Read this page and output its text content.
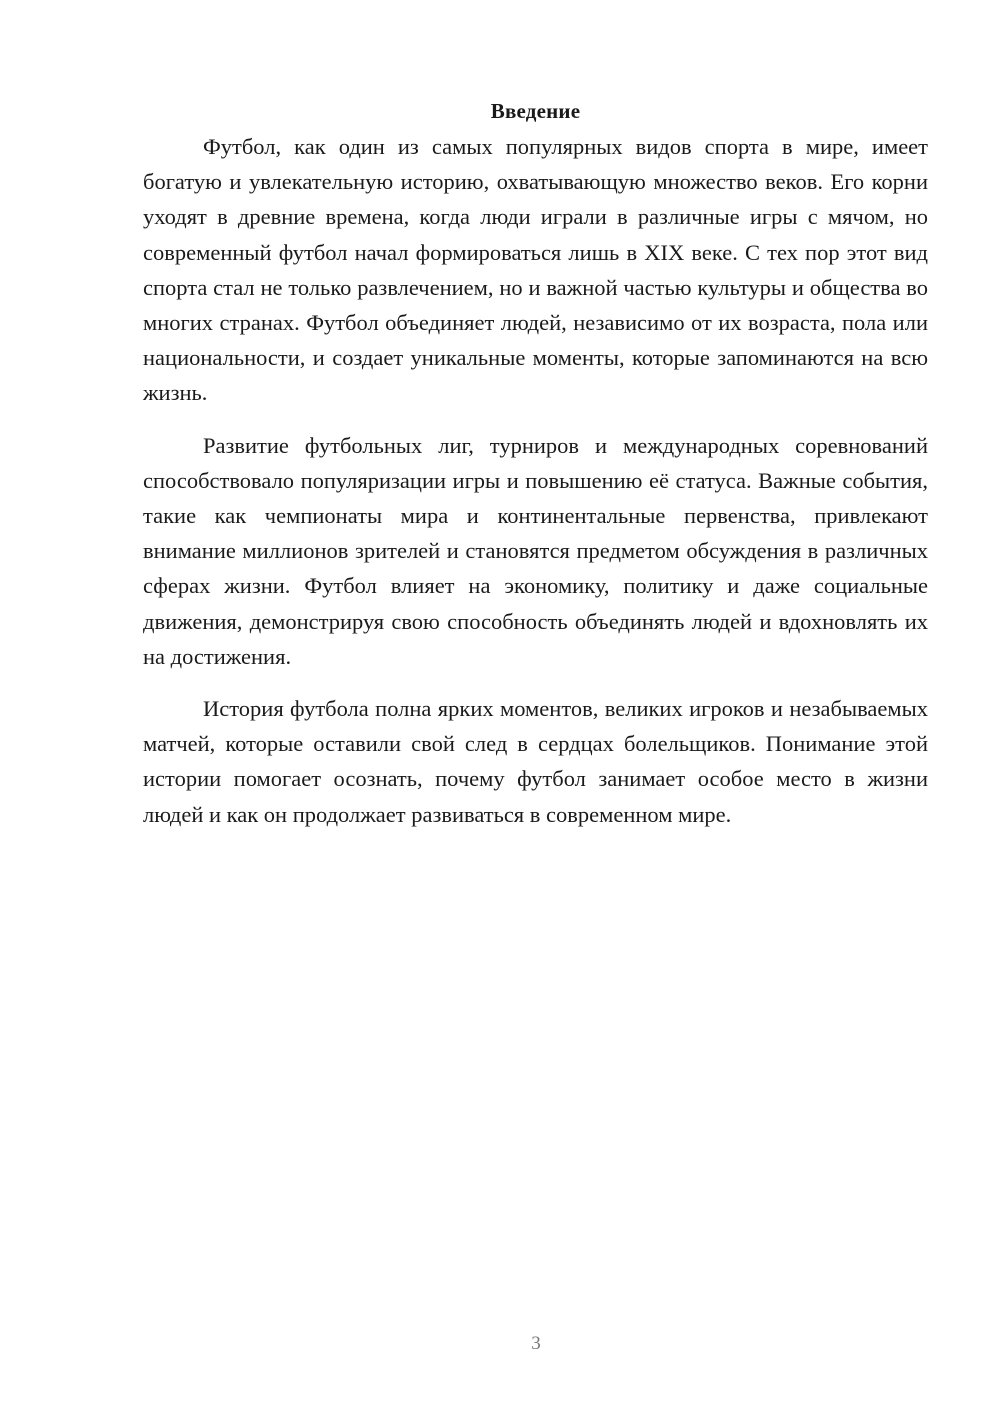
Введение

Футбол, как один из самых популярных видов спорта в мире, имеет богатую и увлекательную историю, охватывающую множество веков. Его корни уходят в древние времена, когда люди играли в различные игры с мячом, но современный футбол начал формироваться лишь в XIX веке. С тех пор этот вид спорта стал не только развлечением, но и важной частью культуры и общества во многих странах. Футбол объединяет людей, независимо от их возраста, пола или национальности, и создает уникальные моменты, которые запоминаются на всю жизнь.

Развитие футбольных лиг, турниров и международных соревнований способствовало популяризации игры и повышению её статуса. Важные события, такие как чемпионаты мира и континентальные первенства, привлекают внимание миллионов зрителей и становятся предметом обсуждения в различных сферах жизни. Футбол влияет на экономику, политику и даже социальные движения, демонстрируя свою способность объединять людей и вдохновлять их на достижения.

История футбола полна ярких моментов, великих игроков и незабываемых матчей, которые оставили свой след в сердцах болельщиков. Понимание этой истории помогает осознать, почему футбол занимает особое место в жизни людей и как он продолжает развиваться в современном мире.

3
